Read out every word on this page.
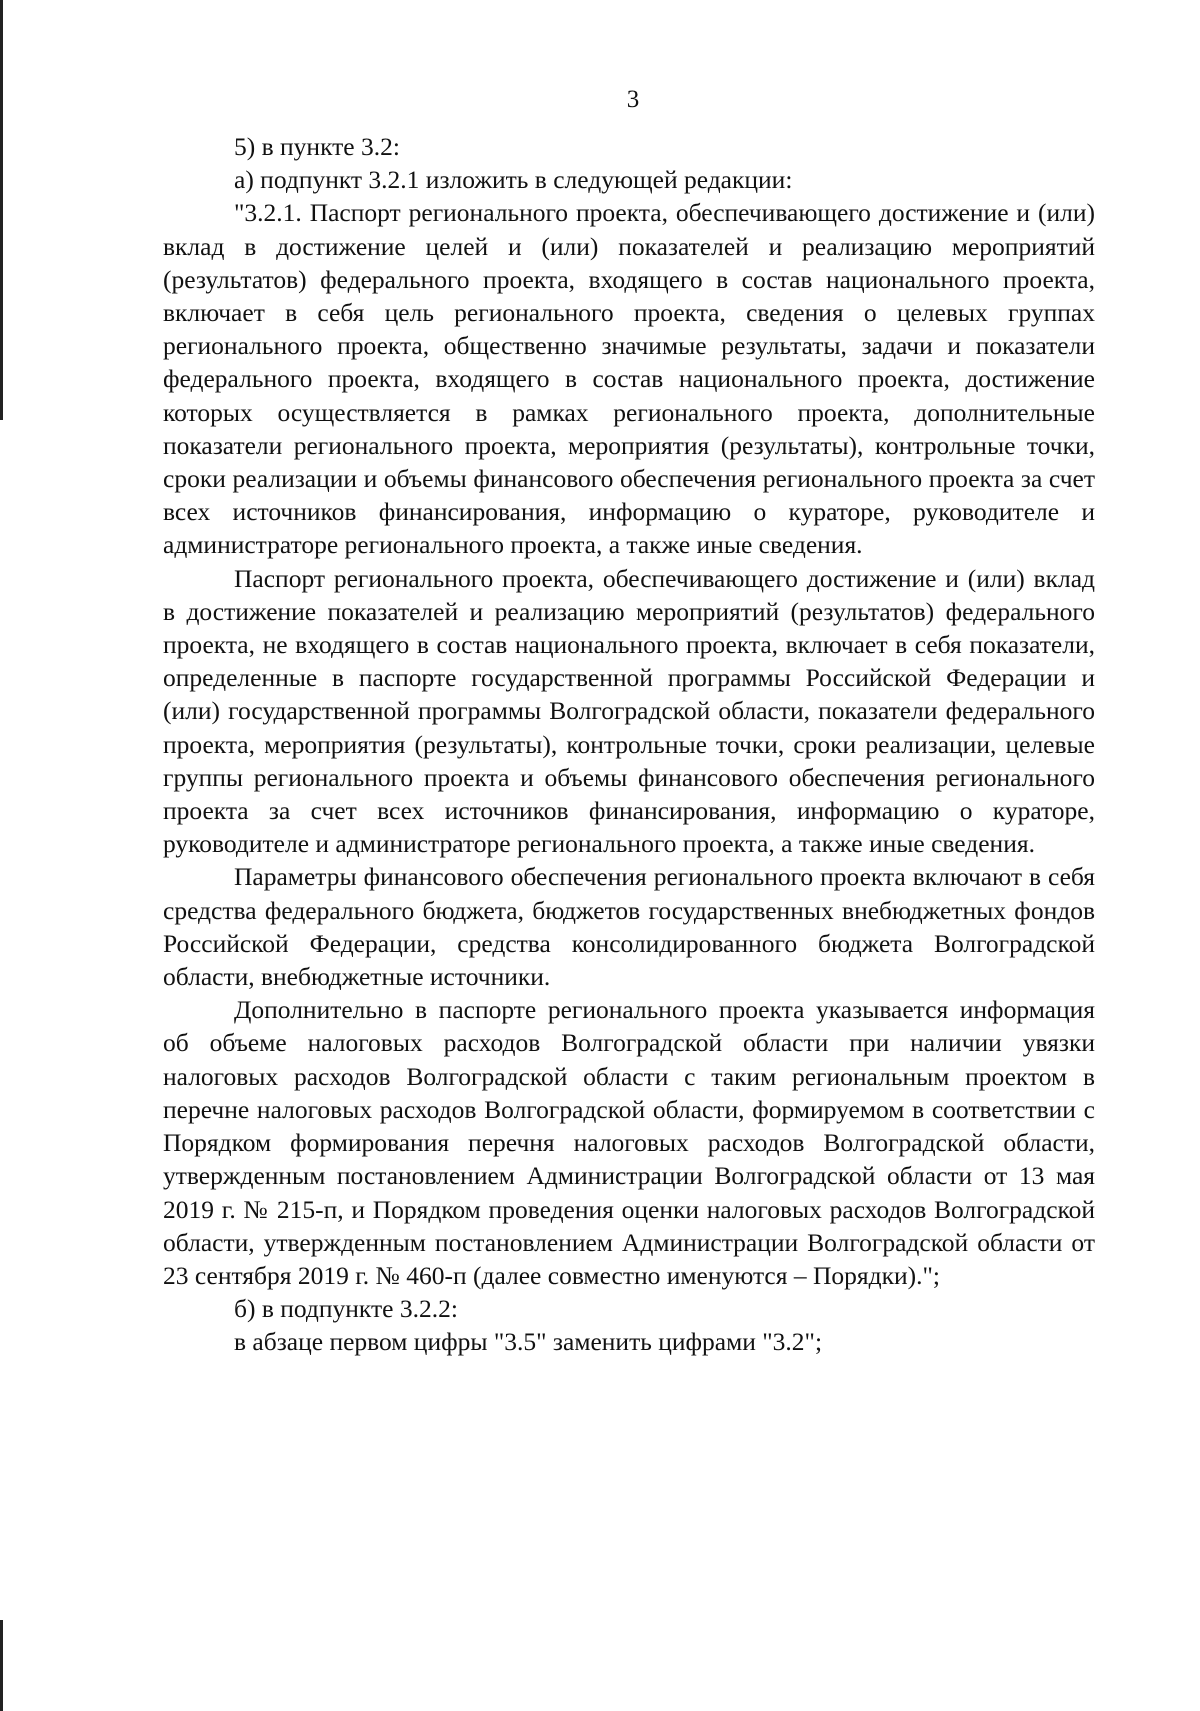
3

5) в пункте 3.2:

а) подпункт 3.2.1 изложить в следующей редакции:

"3.2.1. Паспорт регионального проекта, обеспечивающего достижение и (или) вклад в достижение целей и (или) показателей и реализацию мероприятий (результатов) федерального проекта, входящего в состав национального проекта, включает в себя цель регионального проекта, сведения о целевых группах регионального проекта, общественно значимые результаты, задачи и показатели федерального проекта, входящего в состав национального проекта, достижение которых осуществляется в рамках регионального проекта, дополнительные показатели регионального проекта, мероприятия (результаты), контрольные точки, сроки реализации и объемы финансового обеспечения регионального проекта за счет всех источников финансирования, информацию о кураторе, руководителе и администраторе регионального проекта, а также иные сведения.

Паспорт регионального проекта, обеспечивающего достижение и (или) вклад в достижение показателей и реализацию мероприятий (результатов) федерального проекта, не входящего в состав национального проекта, включает в себя показатели, определенные в паспорте государственной программы Российской Федерации и (или) государственной программы Волгоградской области, показатели федерального проекта, мероприятия (результаты), контрольные точки, сроки реализации, целевые группы регионального проекта и объемы финансового обеспечения регионального проекта за счет всех источников финансирования, информацию о кураторе, руководителе и администраторе регионального проекта, а также иные сведения.

Параметры финансового обеспечения регионального проекта включают в себя средства федерального бюджета, бюджетов государственных внебюджетных фондов Российской Федерации, средства консолидированного бюджета Волгоградской области, внебюджетные источники.

Дополнительно в паспорте регионального проекта указывается информация об объеме налоговых расходов Волгоградской области при наличии увязки налоговых расходов Волгоградской области с таким региональным проектом в перечне налоговых расходов Волгоградской области, формируемом в соответствии с Порядком формирования перечня налоговых расходов Волгоградской области, утвержденным постановлением Администрации Волгоградской области от 13 мая 2019 г. № 215-п, и Порядком проведения оценки налоговых расходов Волгоградской области, утвержденным постановлением Администрации Волгоградской области от 23 сентября 2019 г. № 460-п (далее совместно именуются – Порядки).";

б) в подпункте 3.2.2:

в абзаце первом цифры "3.5" заменить цифрами "3.2";
